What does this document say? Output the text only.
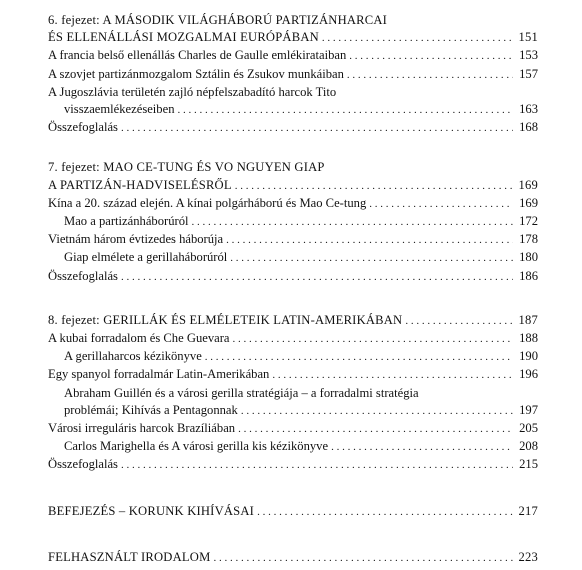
6. fejezet: A MÁSODIK VILÁGHÁBORÚ PARTIZÁNHARCAI
ÉS ELLENÁLLÁSI MOZGALMAI EURÓPÁBAN . . .	151
A francia belső ellenállás Charles de Gaulle emlékirataiban . . .	153
A szovjet partizánmozgalom Sztálin és Zsukov munkáiban . . .	157
A Jugoszlávia területén zajló népfelszabadító harcok Tito
visszaemlékezéseiben . . .	163
Összefoglalás . . .	168
7. fejezet: MAO CE-TUNG ÉS VO NGUYEN GIAP
A PARTIZÁN-HADVISELÉSRŐL . . .	169
Kína a 20. század elején. A kínai polgárháború és Mao Ce-tung . . .	169
Mao a partizánháborúról . . .	172
Vietnám három évtizedes háborúja . . .	178
Giap elmélete a gerillaháborúról . . .	180
Összefoglalás . . .	186
8. fejezet: GERILLÁK ÉS ELMÉLETEIK LATIN-AMERIKÁBAN . . .	187
A kubai forradalom és Che Guevara . . .	188
A gerillaharcos kézikönyve . . .	190
Egy spanyol forradalmár Latin-Amerikában . . .	196
Abraham Guillén és a városi gerilla stratégiája – a forradalmi stratégia
problémái; Kihívás a Pentagonnak . . .	197
Városi irreguláris harcok Brazíliában . . .	205
Carlos Marighella és A városi gerilla kis kézikönyve . . .	208
Összefoglalás . . .	215
BEFEJEZÉS – KORUNK KIHÍVÁSAI . . .	217
FELHASZNÁLT IRODALOM . . .	223
